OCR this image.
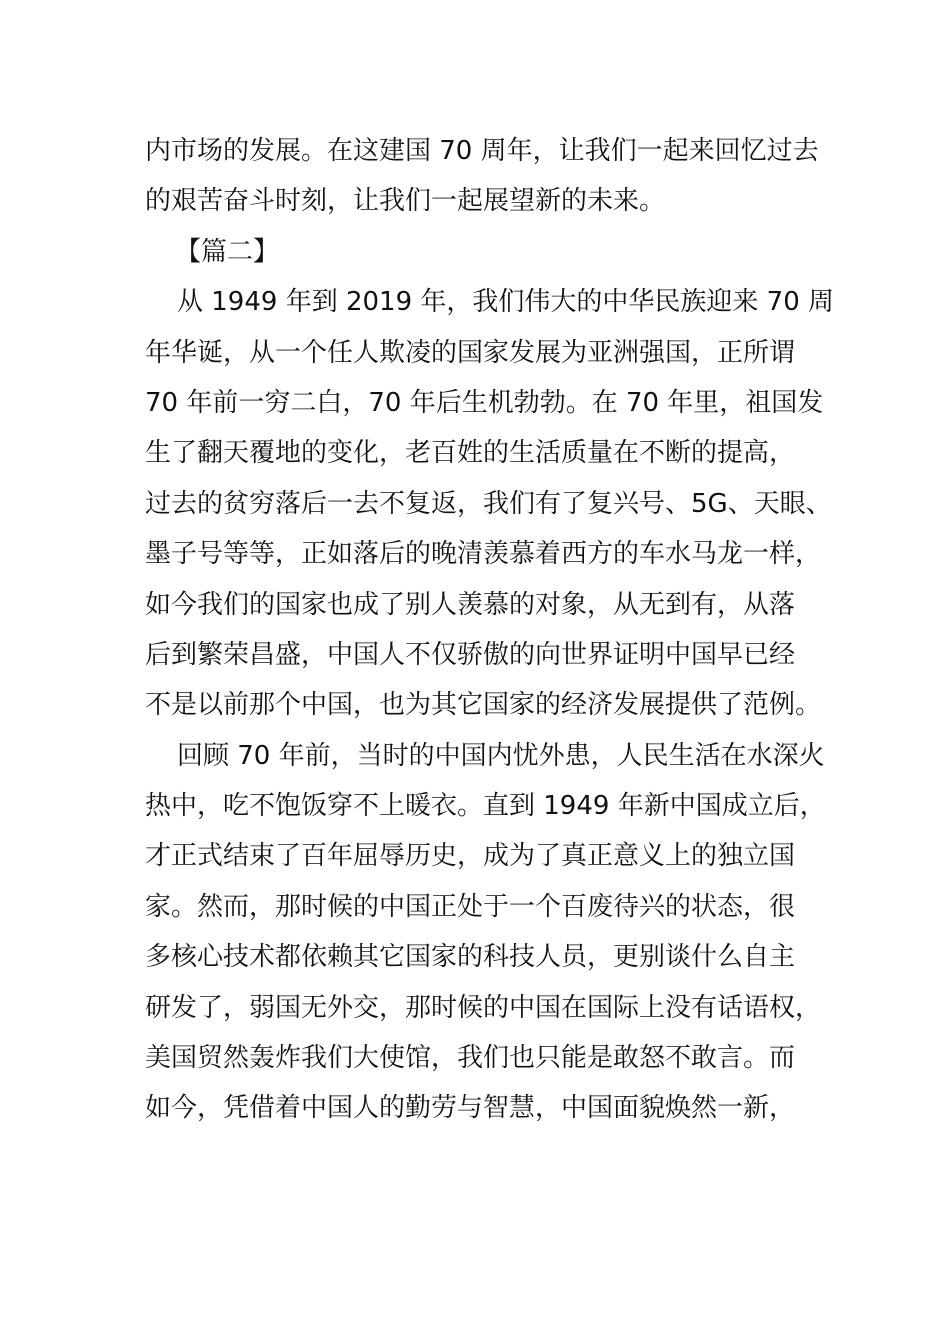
内市场的发展。在这建国 70 周年，让我们一起来回忆过去
的艰苦奋斗时刻，让我们一起展望新的未来。
【篇二】
从 1949 年到 2019 年，我们伟大的中华民族迎来 70 周
年华诞，从一个任人欺凌的国家发展为亚洲强国，正所谓
70 年前一穷二白，70 年后生机勃勃。在 70 年里，祖国发
生了翻天覆地的变化，老百姓的生活质量在不断的提高，
过去的贫穷落后一去不复返，我们有了复兴号、5G、天眼、
墨子号等等，正如落后的晚清羡慕着西方的车水马龙一样，
如今我们的国家也成了别人羡慕的对象，从无到有，从落
后到繁荣昌盛，中国人不仅骄傲的向世界证明中国早已经
不是以前那个中国，也为其它国家的经济发展提供了范例。
回顾 70 年前，当时的中国内忧外患，人民生活在水深火
热中，吃不饱饭穿不上暖衣。直到 1949 年新中国成立后，
才正式结束了百年屈辱历史，成为了真正意义上的独立国
家。然而，那时候的中国正处于一个百废待兴的状态，很
多核心技术都依赖其它国家的科技人员，更别谈什么自主
研发了，弱国无外交，那时候的中国在国际上没有话语权，
美国贸然轰炸我们大使馆，我们也只能是敢怒不敢言。而
如今，凭借着中国人的勤劳与智慧，中国面貌焕然一新，
